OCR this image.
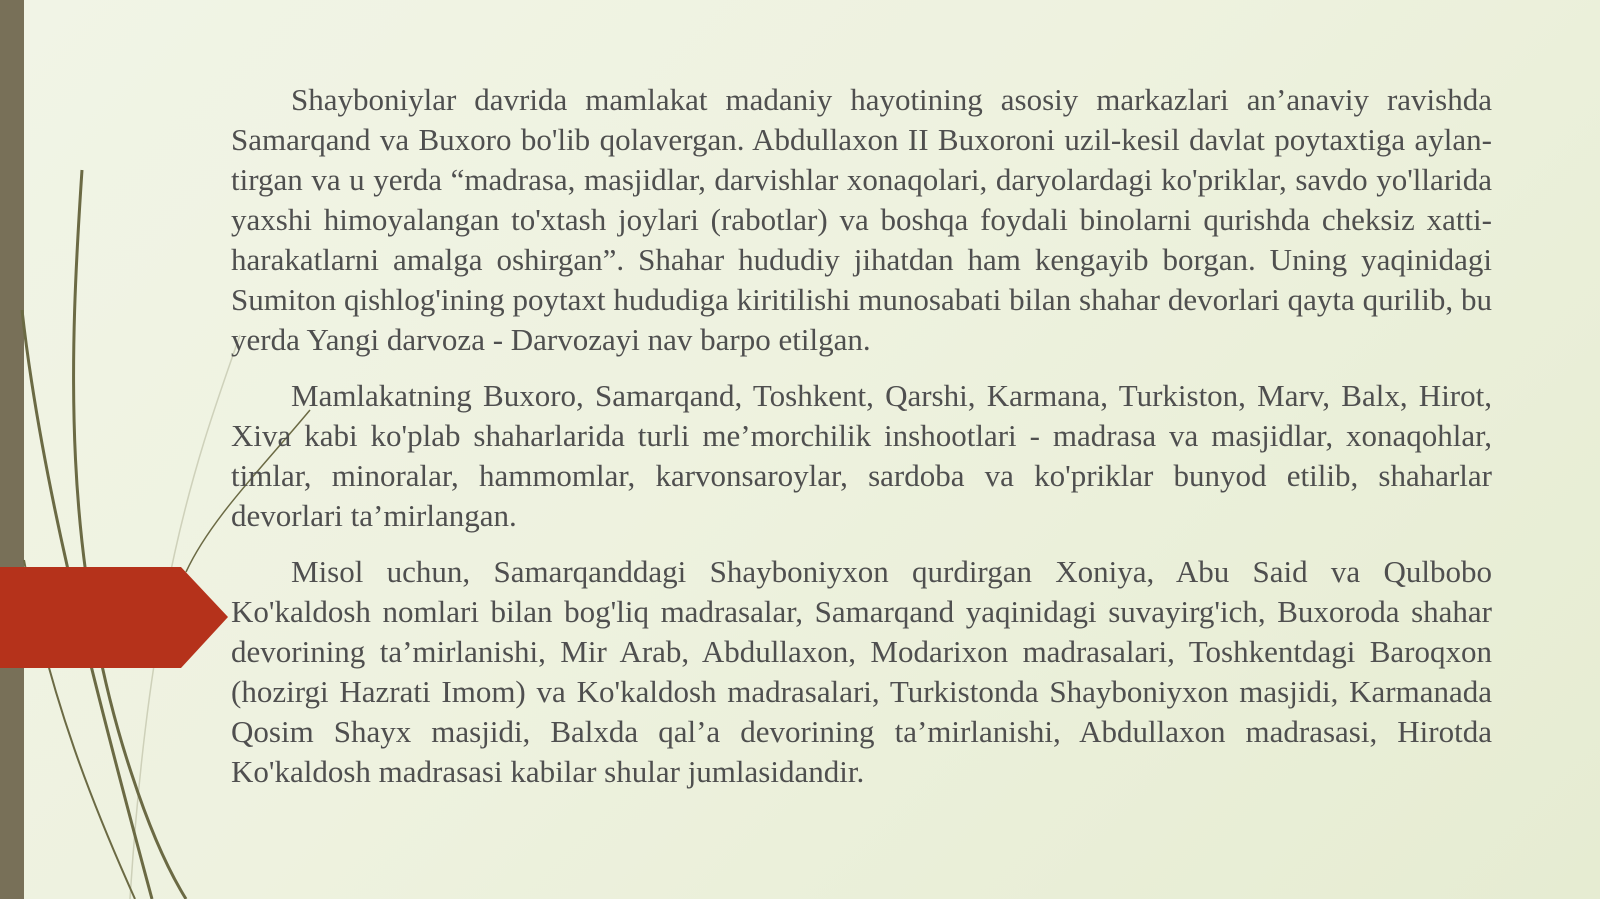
Shayboniylar davrida mamlakat madaniy hayotining asosiy markazlari an’anaviy ravishda Samarqand va Buxoro bo'lib qolavergan. Abdullaxon II Buxoroni uzil-kesil davlat poytaxtiga aylan- tirgan va u yerda “madrasa, masjidlar, darvishlar xonaqolari, daryolardagi ko'priklar, savdo yo'llarida yaxshi himoyalangan to'xtash joylari (rabotlar) va boshqa foydali binolarni qurishda cheksiz xatti-harakatlarni amalga oshirgan”. Shahar hududiy jihatdan ham kengayib borgan. Uning yaqinidagi Sumiton qishlog'ining poytaxt hududiga kiritilishi munosabati bilan shahar devorlari qayta qurilib, bu yerda Yangi darvoza - Darvozayi nav barpo etilgan.

Mamlakatning Buxoro, Samarqand, Toshkent, Qarshi, Karmana, Turkiston, Marv, Balx, Hirot, Xiva kabi ko'plab shaharlarida turli me’morchilik inshootlari - madrasa va masjidlar, xonaqohlar, timlar, minoralar, hammomlar, karvonsaroylar, sardoba va ko'priklar bunyod etilib, shaharlar devorlari ta’mirlangan.

Misol uchun, Samarqanddagi Shayboniyxon qurdirgan Xoniya, Abu Said va Qulbobo Ko'kaldosh nomlari bilan bog'liq madrasalar, Samarqand yaqinidagi suvayirg'ich, Buxoroda shahar devorining ta’mirlanishi, Mir Arab, Abdullaxon, Modarixon madrasalari, Toshkentdagi Baroqxon (hozirgi Hazrati Imom) va Ko'kaldosh madrasalari, Turkistonda Shayboniyxon masjidi, Karmanada Qosim Shayx masjidi, Balxda qal’a devorining ta’mirlanishi, Abdullaxon madrasasi, Hirotda Ko'kaldosh madrasasi kabilar shular jumlasidandir.
